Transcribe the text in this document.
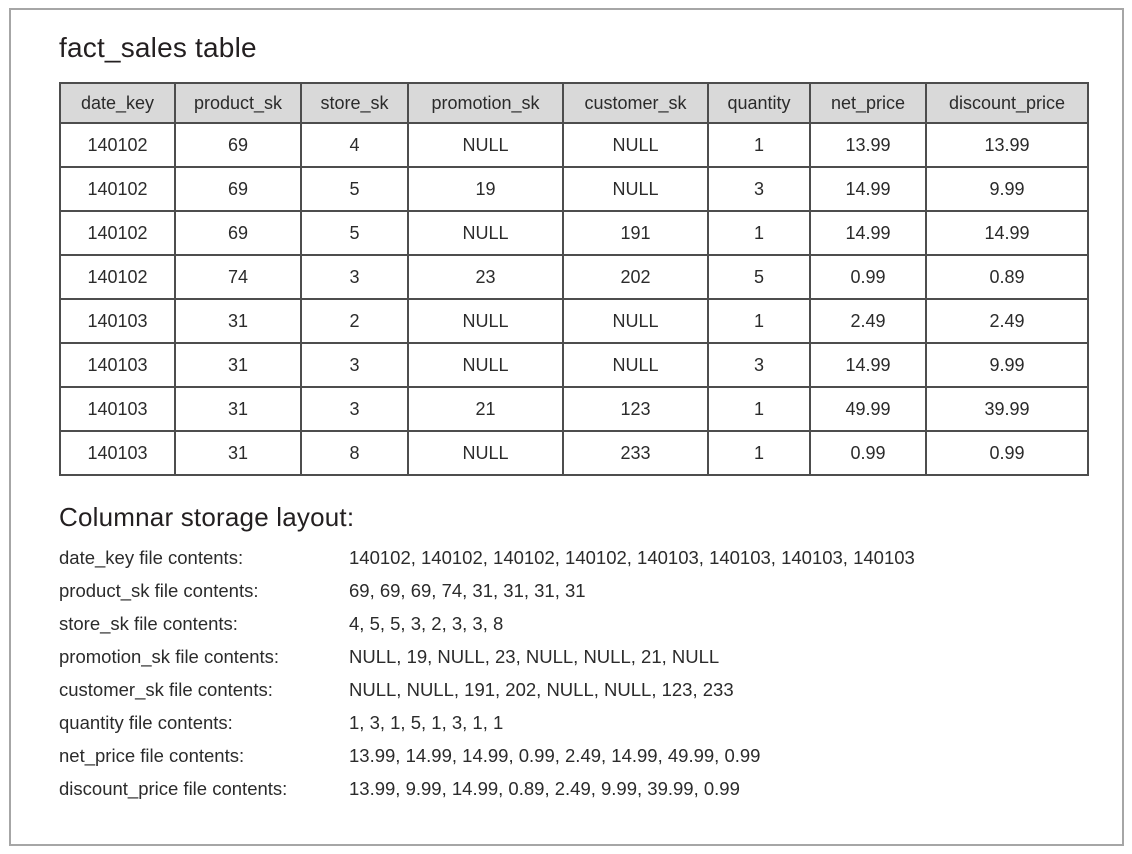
fact_sales table
date_key	product_sk	store_sk	promotion_sk	customer_sk	quantity	net_price	discount_price
140102	69	4	NULL	NULL	1	13.99	13.99
140102	69	5	19	NULL	3	14.99	9.99
140102	69	5	NULL	191	1	14.99	14.99
140102	74	3	23	202	5	0.99	0.89
140103	31	2	NULL	NULL	1	2.49	2.49
140103	31	3	NULL	NULL	3	14.99	9.99
140103	31	3	21	123	1	49.99	39.99
140103	31	8	NULL	233	1	0.99	0.99
Columnar storage layout:
date_key file contents:	140102, 140102, 140102, 140102, 140103, 140103, 140103, 140103
product_sk file contents:	69, 69, 69, 74, 31, 31, 31, 31
store_sk file contents:	4, 5, 5, 3, 2, 3, 3, 8
promotion_sk file contents:	NULL, 19, NULL, 23, NULL, NULL, 21, NULL
customer_sk file contents:	NULL, NULL, 191, 202, NULL, NULL, 123, 233
quantity file contents:	1, 3, 1, 5, 1, 3, 1, 1
net_price file contents:	13.99, 14.99, 14.99, 0.99, 2.49, 14.99, 49.99, 0.99
discount_price file contents:	13.99, 9.99, 14.99, 0.89, 2.49, 9.99, 39.99, 0.99
